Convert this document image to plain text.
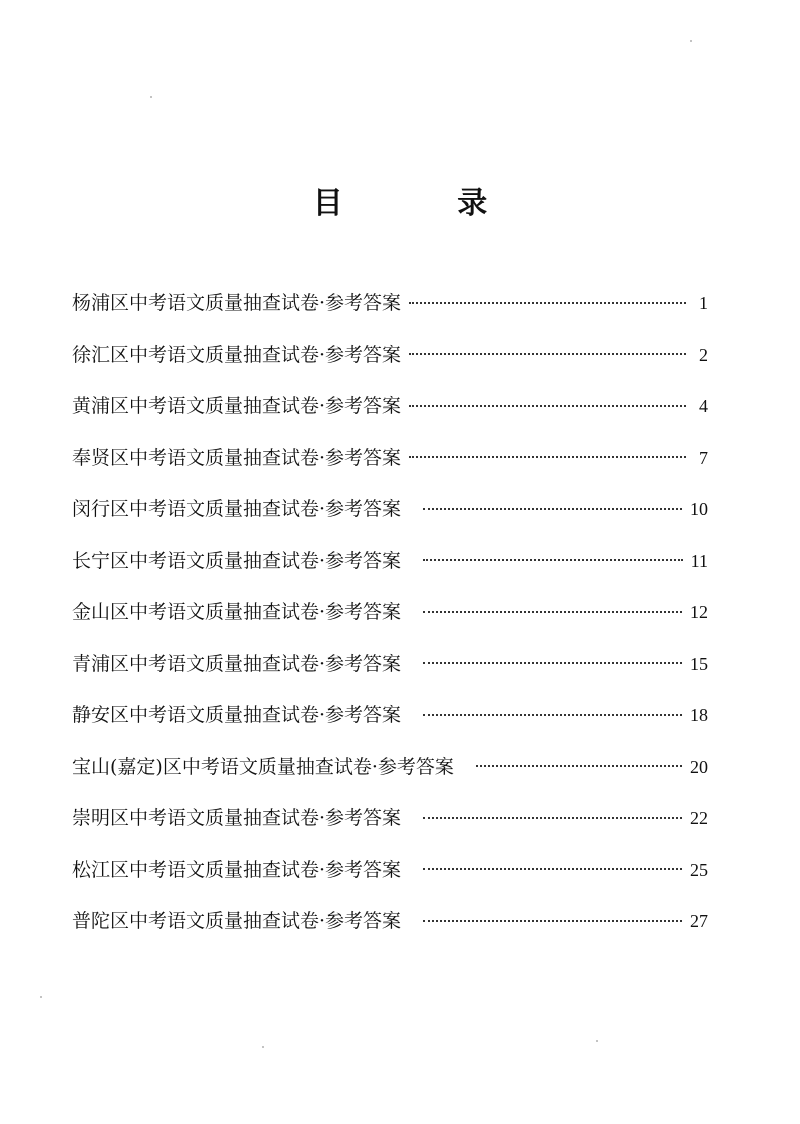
目 录
杨浦区中考语文质量抽查试卷·参考答案	1
徐汇区中考语文质量抽查试卷·参考答案	2
黄浦区中考语文质量抽查试卷·参考答案	4
奉贤区中考语文质量抽查试卷·参考答案	7
闵行区中考语文质量抽查试卷·参考答案	10
长宁区中考语文质量抽查试卷·参考答案	11
金山区中考语文质量抽查试卷·参考答案	12
青浦区中考语文质量抽查试卷·参考答案	15
静安区中考语文质量抽查试卷·参考答案	18
宝山(嘉定)区中考语文质量抽查试卷·参考答案	20
崇明区中考语文质量抽查试卷·参考答案	22
松江区中考语文质量抽查试卷·参考答案	25
普陀区中考语文质量抽查试卷·参考答案	27
